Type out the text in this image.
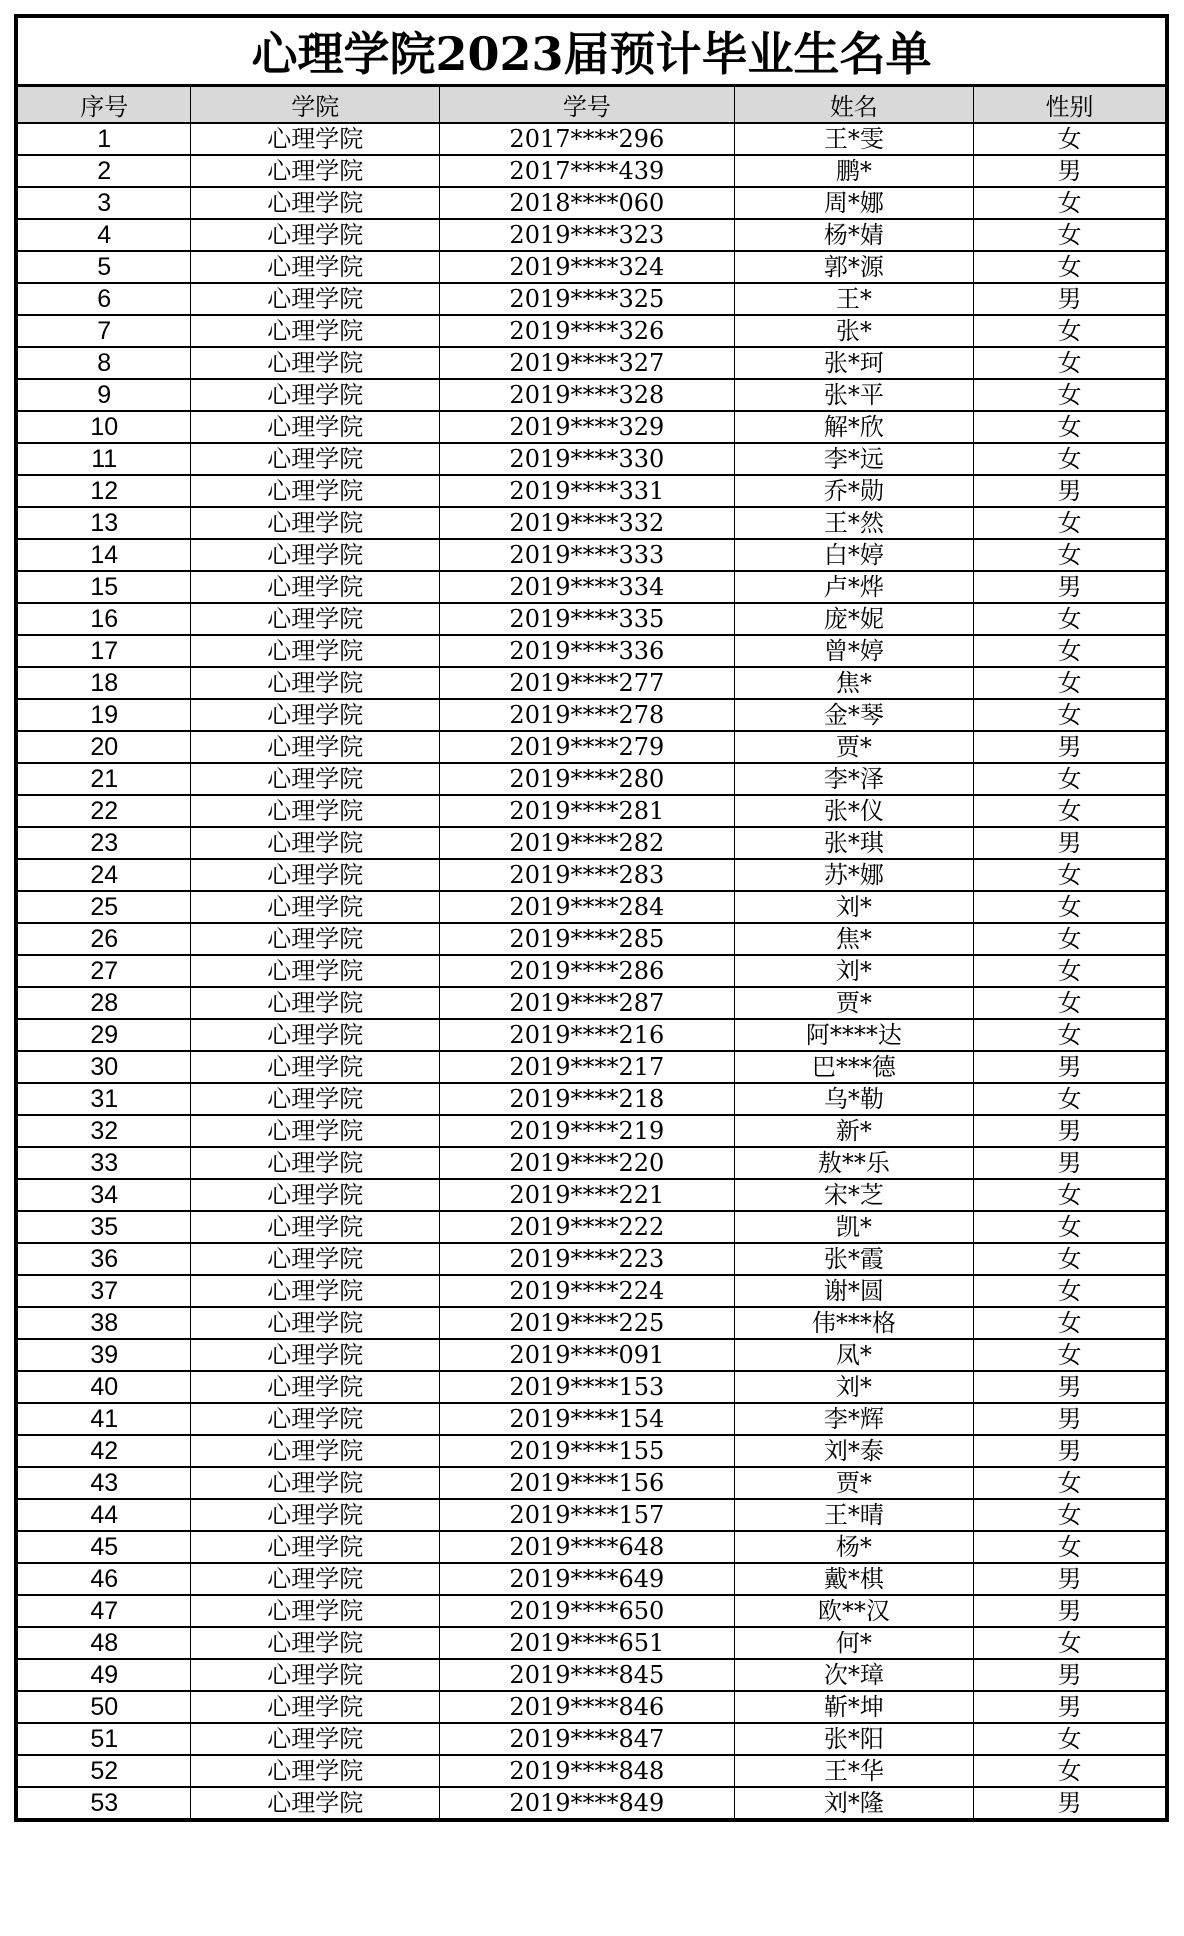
心理学院2023届预计毕业生名单				
序号	学院	学号	姓名	性别
1	心理学院	2017****296	王*雯	女
2	心理学院	2017****439	鹏*	男
3	心理学院	2018****060	周*娜	女
4	心理学院	2019****323	杨*婧	女
5	心理学院	2019****324	郭*源	女
6	心理学院	2019****325	王*	男
7	心理学院	2019****326	张*	女
8	心理学院	2019****327	张*珂	女
9	心理学院	2019****328	张*平	女
10	心理学院	2019****329	解*欣	女
11	心理学院	2019****330	李*远	女
12	心理学院	2019****331	乔*勋	男
13	心理学院	2019****332	王*然	女
14	心理学院	2019****333	白*婷	女
15	心理学院	2019****334	卢*烨	男
16	心理学院	2019****335	庞*妮	女
17	心理学院	2019****336	曾*婷	女
18	心理学院	2019****277	焦*	女
19	心理学院	2019****278	金*琴	女
20	心理学院	2019****279	贾*	男
21	心理学院	2019****280	李*泽	女
22	心理学院	2019****281	张*仪	女
23	心理学院	2019****282	张*琪	男
24	心理学院	2019****283	苏*娜	女
25	心理学院	2019****284	刘*	女
26	心理学院	2019****285	焦*	女
27	心理学院	2019****286	刘*	女
28	心理学院	2019****287	贾*	女
29	心理学院	2019****216	阿****达	女
30	心理学院	2019****217	巴***德	男
31	心理学院	2019****218	乌*勒	女
32	心理学院	2019****219	新*	男
33	心理学院	2019****220	敖**乐	男
34	心理学院	2019****221	宋*芝	女
35	心理学院	2019****222	凯*	女
36	心理学院	2019****223	张*霞	女
37	心理学院	2019****224	谢*圆	女
38	心理学院	2019****225	伟***格	女
39	心理学院	2019****091	凤*	女
40	心理学院	2019****153	刘*	男
41	心理学院	2019****154	李*辉	男
42	心理学院	2019****155	刘*泰	男
43	心理学院	2019****156	贾*	女
44	心理学院	2019****157	王*晴	女
45	心理学院	2019****648	杨*	女
46	心理学院	2019****649	戴*棋	男
47	心理学院	2019****650	欧**汉	男
48	心理学院	2019****651	何*	女
49	心理学院	2019****845	次*璋	男
50	心理学院	2019****846	靳*坤	男
51	心理学院	2019****847	张*阳	女
52	心理学院	2019****848	王*华	女
53	心理学院	2019****849	刘*隆	男
